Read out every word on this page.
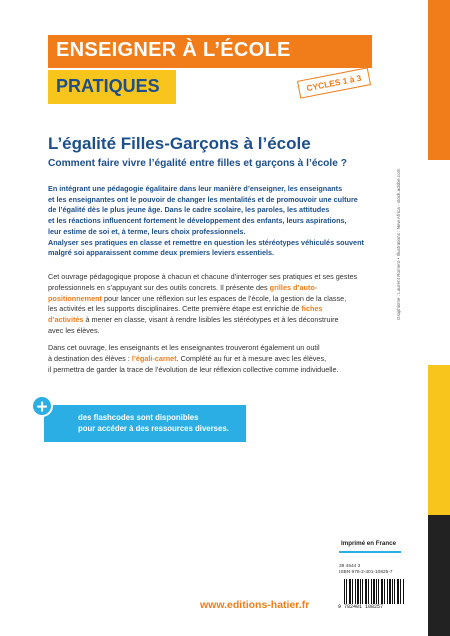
Graphisme : Laurent Romero • Illustrations : New Africa - stock.adobe.com
ENSEIGNER À L’ÉCOLE
PRATIQUES	CYCLES 1 à 3
L’égalité Filles-Garçons à l’école
Comment faire vivre l’égalité entre filles et garçons à l’école ?
En intégrant une pédagogie égalitaire dans leur manière d’enseigner, les enseignants
et les enseignantes ont le pouvoir de changer les mentalités et de promouvoir une culture
de l’égalité dès le plus jeune âge. Dans le cadre scolaire, les paroles, les attitudes
et les réactions influencent fortement le développement des enfants, leurs aspirations,
leur estime de soi et, à terme, leurs choix professionnels.
Analyser ses pratiques en classe et remettre en question les stéréotypes véhiculés souvent
malgré soi apparaissent comme deux premiers leviers essentiels.
Cet ouvrage pédagogique propose à chacun et chacune d’interroger ses pratiques et ses gestes
professionnels en s’appuyant sur des outils concrets. Il présente des grilles d’auto-
positionnement pour lancer une réflexion sur les espaces de l’école, la gestion de la classe,
les activités et les supports disciplinaires. Cette première étape est enrichie de fiches
d’activités à mener en classe, visant à rendre lisibles les stéréotypes et à les déconstruire
avec les élèves.
Dans cet ouvrage, les enseignants et les enseignantes trouveront également un outil
à destination des élèves : l’égali-carnet. Complété au fur et à mesure avec les élèves,
il permettra de garder la trace de l’évolution de leur réflexion collective comme individuelle.
des flashcodes sont disponibles
pour accéder à des ressources diverses.
+
Imprimé en France
39 4544 3
ISBN 978-2-401-10825-7
9 782401 108257
www.editions-hatier.fr
